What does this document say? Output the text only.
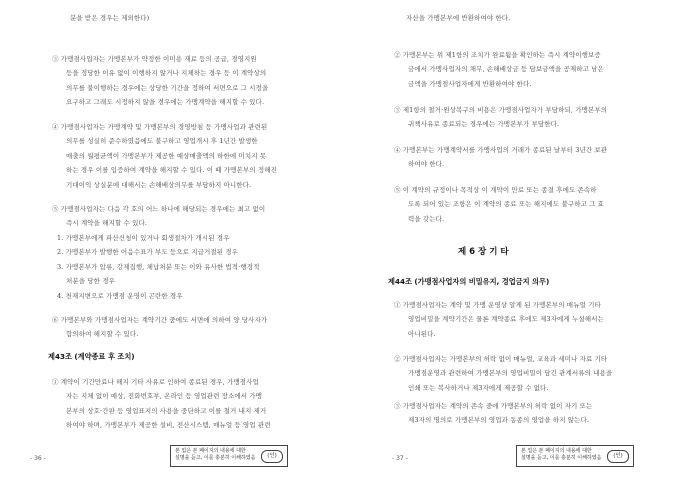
분을 받은 경우는 제외한다)
③ 가맹점사업자는 가맹본부가 약정한 이미용 재료 등의 공급, 경영지원
등을 정당한 이유 없이 이행하지 않거나 지체하는 경우 등 이 계약상의
의무를 불이행하는 경우에는 상당한 기간을 정하여 서면으로 그 시정을
요구하고 그래도 시정하지 않을 경우에는 가맹계약을 해지할 수 있다.
④ 가맹점사업자는 가맹계약 및 가맹본부의 경영방침 등 가맹사업과 관련된
의무를 성실히 준수하였음에도 불구하고 영업개시 후 1년간 발생한
매출의 월평균액이 가맹본부가 제공한 예상매출액의 하한에 미치지 못
하는 경우 이를 입증하여 계약을 해지할 수 있다. 이 때 가맹본부의 정해진
기대이익 상실분에 대해서는 손해배상의무를 부담하지 아니한다.
⑤ 가맹점사업자는 다음 각 호의 어느 하나에 해당되는 경우에는 최고 없이
즉시 계약을 해지할 수 있다.
1. 가맹본부에게 파산신청이 있거나 회생절차가 개시된 경우
2. 가맹본부가 발행한 어음수표가 부도 등으로 지급거절된 경우
3. 가맹본부가 압류, 강제집행, 체납처분 또는 이와 유사한 법적·행정적
처분을 당한 경우
4. 천재지변으로 가맹점 운영이 곤란한 경우
⑥ 가맹본부와 가맹점사업자는 계약기간 중에도 서면에 의하여 양 당사자가
합의하여 해지할 수 있다.
제43조 (계약종료 후 조치)
① 계약이 기간만료나 해지 기타 사유로 인하여 종료된 경우, 가맹점사업
자는 지체 없이 예상, 전화번호부, 온라인 등 영업관련 장소에서 가맹
본부의 상호·간판 등 영업표지의 사용을 중단하고 이를 철거 내지 제거
하여야 하며, 가맹본부가 제공한 설비, 전산시스템, 매뉴얼 등 영업 관련
- 36 -
본 업은 본 페이지의 내용에 대한
설명을 듣고, 이를 충분히 이해하였음	(인)
자산을 가맹본부에 반환하여야 한다.
② 가맹본부는 위 제1항의 조치가 완료됨을 확인하는 즉시 계약이행보증
금에서 가맹사업자의 채무, 손해배상금 등 담보금액을 공제하고 남은
금액을 가맹점사업자에게 반환하여야 한다.
③ 제1항의 철거·원상복구의 비용은 가맹점사업자가 부담하되, 가맹본부의
귀책사유로 종료되는 경우에는 가맹본부가 부담한다.
④ 가맹본부는 가맹계약서를 가맹사업의 거래가 종료된 날부터 3년간 보관
하여야 한다.
⑤ 이 계약의 규정이나 목적상 이 계약이 만료 또는 종결 후에도 존속하
도록 되어 있는 조항은 이 계약의 종료 또는 해지에도 불구하고 그 효
력을 갖는다.
제 6 장 기 타
제44조 (가맹점사업자의 비밀유지, 경업금지 의무)
① 가맹점사업자는 계약 및 가맹 운영상 알게 된 가맹본부의 매뉴얼 기타
영업비밀을 계약기간은 물론 계약종료 후에도 제3자에게 누설해서는
아니된다.
② 가맹점사업자는 가맹본부의 허락 없이 매뉴얼, 교육과 세미나 자료 기타
가맹점운영과 관련하여 가맹본부의 영업비밀이 담긴 관계서류의 내용을
인쇄 또는 복사하거나 제3자에게 제공할 수 없다.
③ 가맹점사업자는 계약의 존속 중에 가맹본부의 허락 없이 자기 또는
제3자의 명의로 가맹본부의 영업과 동종의 영업을 하지 않는다.
- 37 -
본 업은 본 페이지의 내용에 대한
설명을 듣고, 이를 충분히 이해하였음	(인)
